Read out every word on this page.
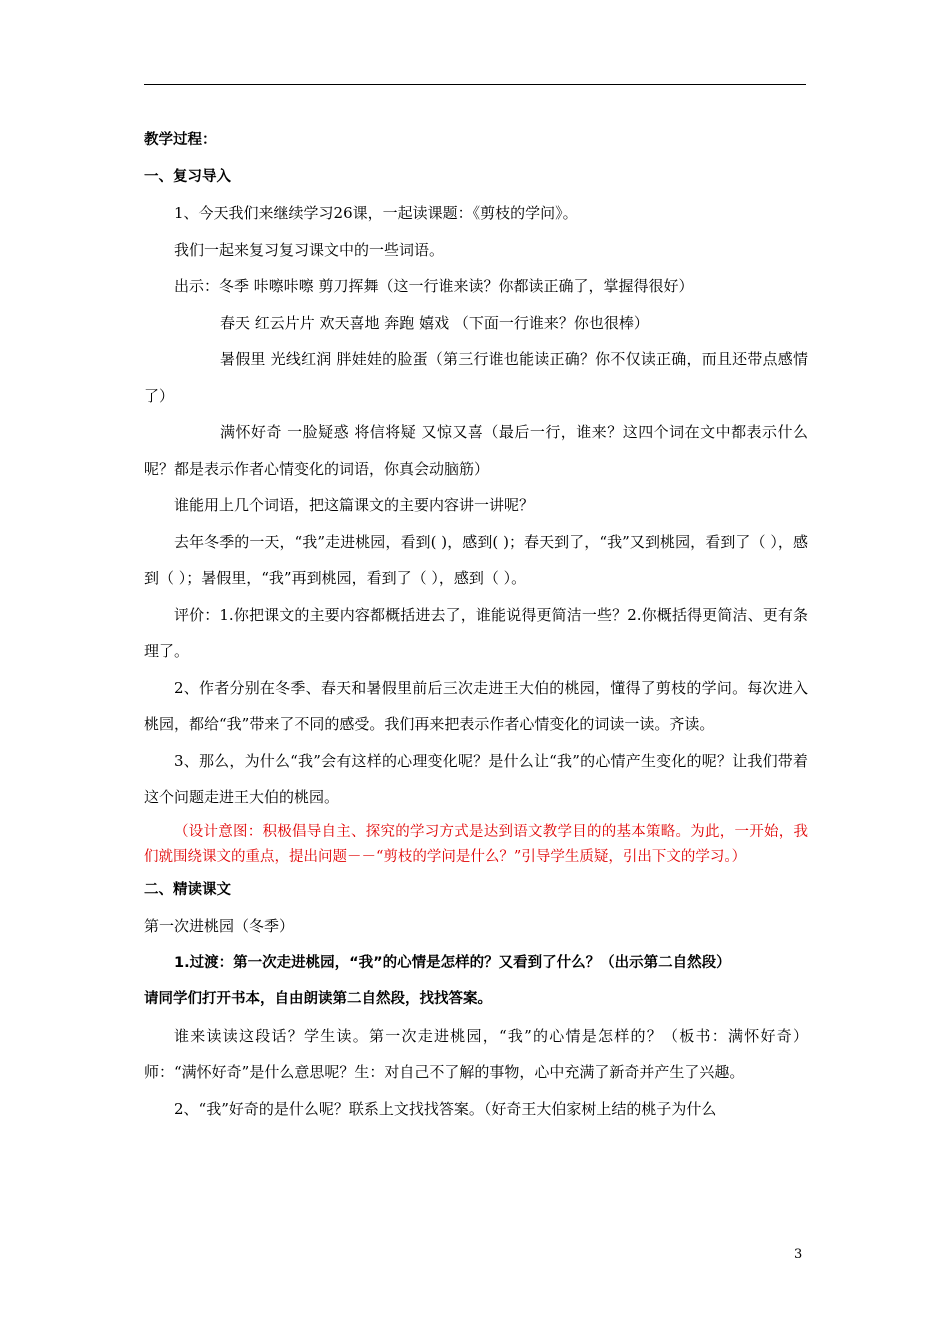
教学过程：

一、复习导入

1、今天我们来继续学习26课，一起读课题：《剪枝的学问》。

我们一起来复习复习课文中的一些词语。

出示：冬季 咔嚓咔嚓 剪刀挥舞（这一行谁来读？你都读正确了，掌握得很好）

春天 红云片片 欢天喜地 奔跑 嬉戏 （下面一行谁来？你也很棒）

暑假里 光线红润 胖娃娃的脸蛋（第三行谁也能读正确？你不仅读正确，而且还带点感情了）

满怀好奇 一脸疑惑 将信将疑 又惊又喜（最后一行，谁来？这四个词在文中都表示什么呢？都是表示作者心情变化的词语，你真会动脑筋）

谁能用上几个词语，把这篇课文的主要内容讲一讲呢？

去年冬季的一天，“我”走进桃园，看到( )，感到( )；春天到了，“我”又到桃园，看到了（ ），感到（ ）；暑假里，“我”再到桃园，看到了（ ），感到（ ）。

评价：1.你把课文的主要内容都概括进去了，谁能说得更简洁一些？2.你概括得更简洁、更有条理了。

2、作者分别在冬季、春天和暑假里前后三次走进王大伯的桃园，懂得了剪枝的学问。每次进入桃园，都给“我”带来了不同的感受。我们再来把表示作者心情变化的词读一读。齐读。

3、那么，为什么“我”会有这样的心理变化呢？是什么让“我”的心情产生变化的呢？让我们带着这个问题走进王大伯的桃园。

（设计意图：积极倡导自主、探究的学习方式是达到语文教学目的的基本策略。为此，一开始，我们就围绕课文的重点，提出问题－－“剪枝的学问是什么？”引导学生质疑，引出下文的学习。）

二、精读课文

第一次进桃园（冬季）

1.过渡：第一次走进桃园，“我”的心情是怎样的？又看到了什么？（出示第二自然段）

请同学们打开书本，自由朗读第二自然段，找找答案。

谁来读读这段话？学生读。第一次走进桃园，“我”的心情是怎样的？（板书：满怀好奇）师：“满怀好奇”是什么意思呢？生：对自己不了解的事物，心中充满了新奇并产生了兴趣。

2、“我”好奇的是什么呢？联系上文找找答案。（好奇王大伯家树上结的桃子为什么

3
